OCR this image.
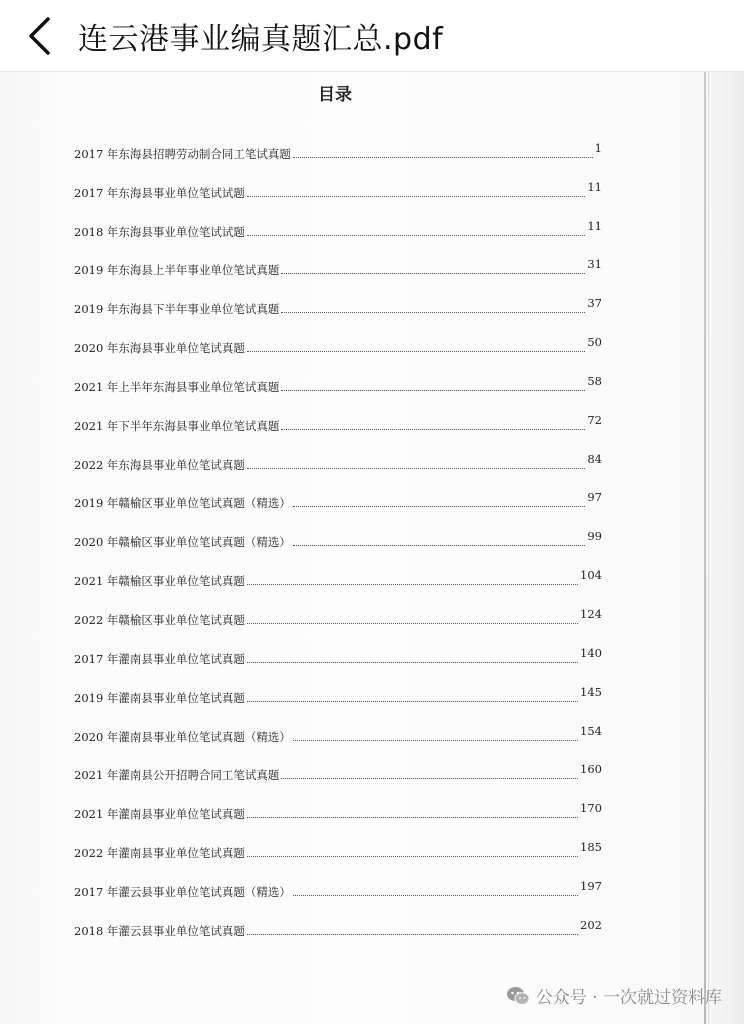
连云港事业编真题汇总.pdf
目录
2017 年东海县招聘劳动制合同工笔试真题	1
2017 年东海县事业单位笔试试题	11
2018 年东海县事业单位笔试试题	11
2019 年东海县上半年事业单位笔试真题	31
2019 年东海县下半年事业单位笔试真题	37
2020 年东海县事业单位笔试真题	50
2021 年上半年东海县事业单位笔试真题	58
2021 年下半年东海县事业单位笔试真题	72
2022 年东海县事业单位笔试真题	84
2019 年赣榆区事业单位笔试真题（精选）	97
2020 年赣榆区事业单位笔试真题（精选）	99
2021 年赣榆区事业单位笔试真题	104
2022 年赣榆区事业单位笔试真题	124
2017 年灌南县事业单位笔试真题	140
2019 年灌南县事业单位笔试真题	145
2020 年灌南县事业单位笔试真题（精选）	154
2021 年灌南县公开招聘合同工笔试真题	160
2021 年灌南县事业单位笔试真题	170
2022 年灌南县事业单位笔试真题	185
2017 年灌云县事业单位笔试真题（精选）	197
2018 年灌云县事业单位笔试真题	202
公众号 · 一次就过资料库
